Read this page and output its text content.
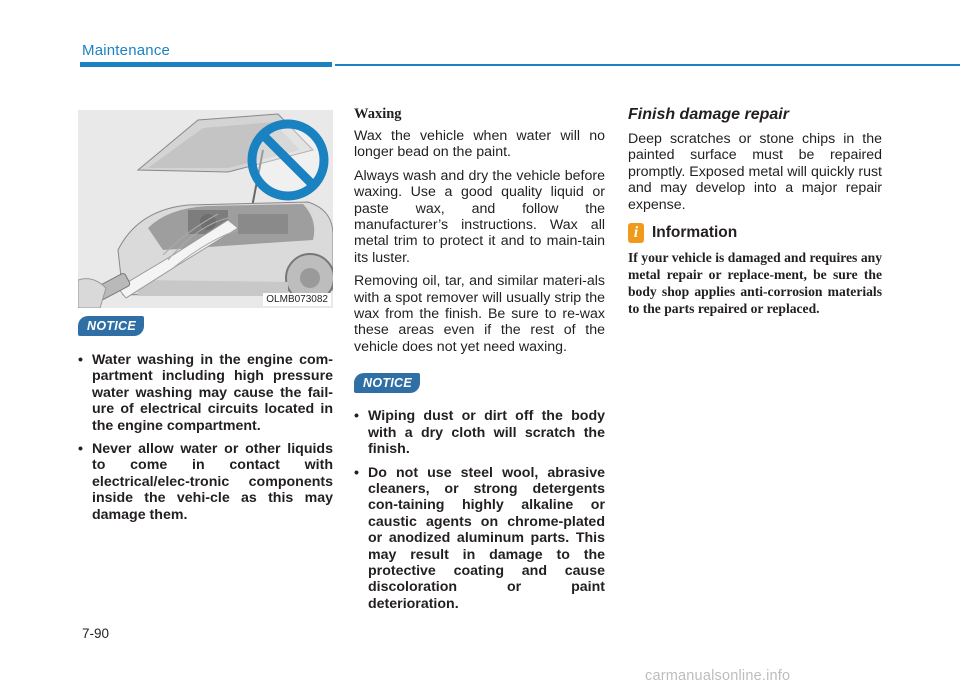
Maintenance
OLMB073082
NOTICE
• Water washing in the engine com-partment including high pressure water washing may cause the fail-ure of electrical circuits located in the engine compartment.
• Never allow water or other liquids to come in contact with electrical/elec-tronic components inside the vehi-cle as this may damage them.
Waxing

Wax the vehicle when water will no longer bead on the paint.

Always wash and dry the vehicle before waxing. Use a good quality liquid or paste wax, and follow the manufacturer’s instructions. Wax all metal trim to protect it and to main-tain its luster.

Removing oil, tar, and similar materi-als with a spot remover will usually strip the wax from the finish. Be sure to re-wax these areas even if the rest of the vehicle does not yet need waxing.

NOTICE
• Wiping dust or dirt off the body with a dry cloth will scratch the finish.
• Do not use steel wool, abrasive cleaners, or strong detergents con-taining highly alkaline or caustic agents on chrome-plated or anodized aluminum parts. This may result in damage to the protective coating and cause discoloration or paint deterioration.
Finish damage repair

Deep scratches or stone chips in the painted surface must be repaired promptly. Exposed metal will quickly rust and may develop into a major repair expense.

i Information

If your vehicle is damaged and requires any metal repair or replace-ment, be sure the body shop applies anti-corrosion materials to the parts repaired or replaced.

7-90
carmanualsonline.info
